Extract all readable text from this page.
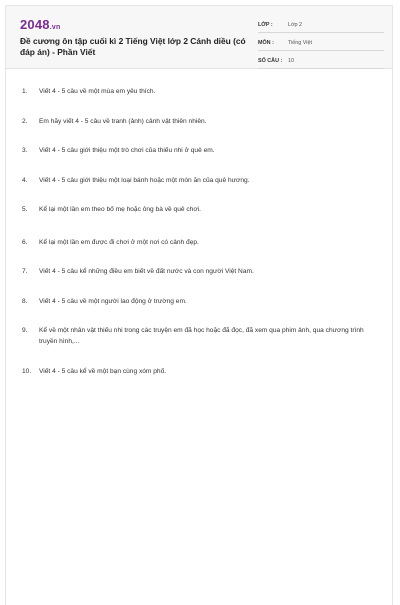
2048.vn
Đề cương ôn tập cuối kì 2 Tiếng Việt lớp 2 Cánh diều (có đáp án) - Phần Viết
LỚP :	Lớp 2
MÔN :	Tiếng Việt
SỐ CÂU :	10
1.	Viết 4 - 5 câu về một mùa em yêu thích.
2.	Em hãy viết 4 - 5 câu về tranh (ảnh) cảnh vật thiên nhiên.
3.	Viết 4 - 5 câu giới thiệu một trò chơi của thiếu nhi ở quê em.
4.	Viết 4 - 5 câu giới thiệu một loại bánh hoặc một món ăn của quê hương.
5.	Kể lại một lần em theo bố mẹ hoặc ông bà về quê chơi.
6.	Kể lại một lần em được đi chơi ở một nơi có cảnh đẹp.
7.	Viết 4 - 5 câu kể những điều em biết về đất nước và con người Việt Nam.
8.	Viết 4 - 5 câu về một người lao động ở trường em.
9.	Kể về một nhân vật thiếu nhi trong các truyện em đã học hoặc đã đọc, đã xem qua phim ảnh, qua chương trình truyền hình,...
10.	Viết 4 - 5 câu kể về một bạn cùng xóm phố.
